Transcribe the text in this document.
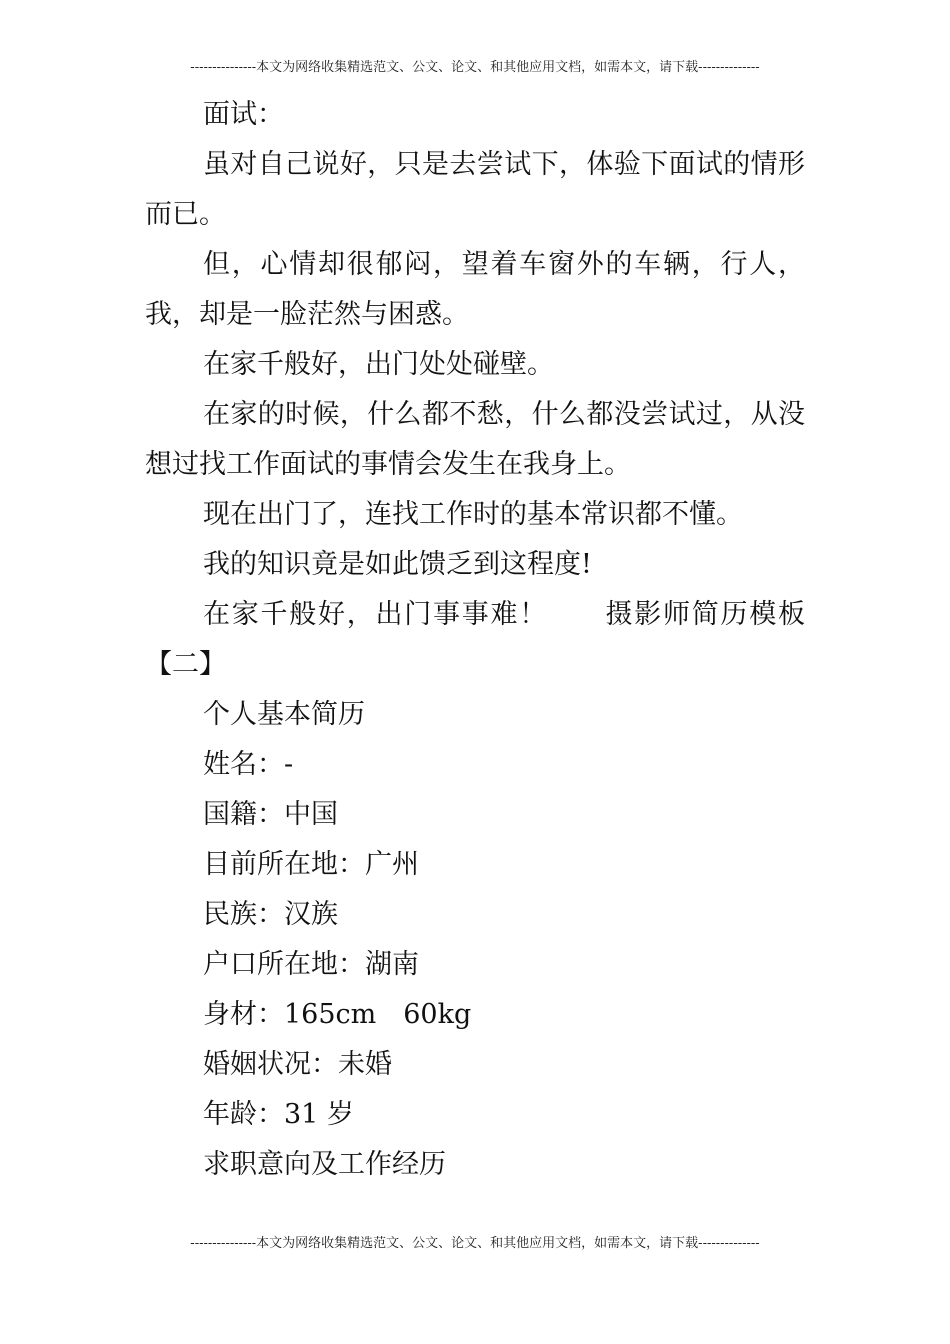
---------------本文为网络收集精选范文、公文、论文、和其他应用文档，如需本文，请下载--------------

面试：

虽对自己说好，只是去尝试下，体验下面试的情形而已。

但，心情却很郁闷，望着车窗外的车辆，行人，我，却是一脸茫然与困惑。

在家千般好，出门处处碰壁。

在家的时候，什么都不愁，什么都没尝试过，从没想过找工作面试的事情会发生在我身上。

现在出门了，连找工作时的基本常识都不懂。

我的知识竟是如此馈乏到这程度!

在家千般好，出门事事难！　　摄影师简历模板【二】

个人基本简历

姓名：-

国籍：中国

目前所在地：广州

民族：汉族

户口所在地：湖南

身材：165cm　60kg

婚姻状况：未婚

年龄：31 岁

求职意向及工作经历

---------------本文为网络收集精选范文、公文、论文、和其他应用文档，如需本文，请下载--------------
